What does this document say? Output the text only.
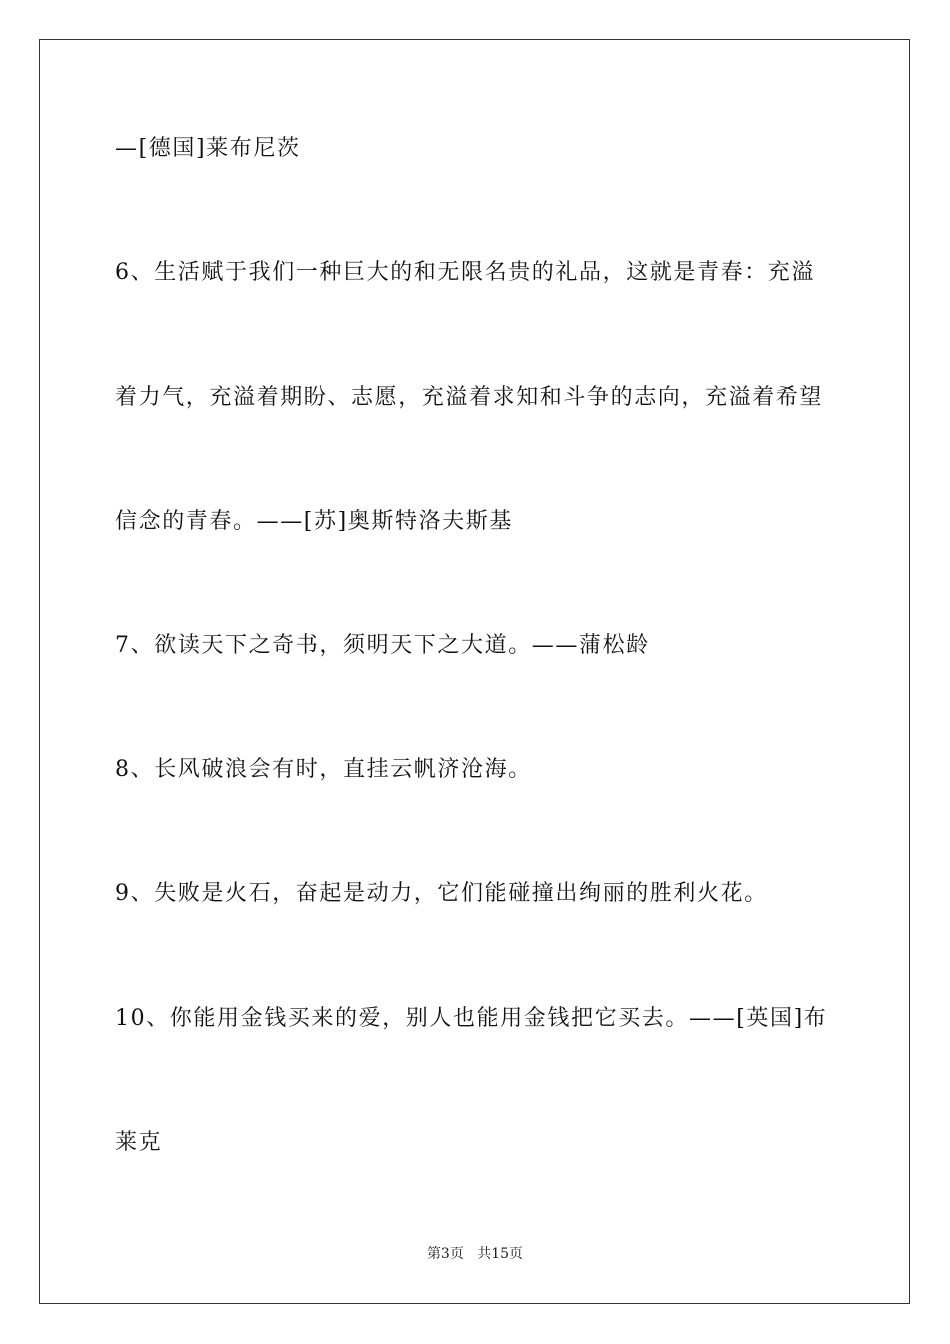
—[德国]莱布尼茨
6、生活赋于我们一种巨大的和无限名贵的礼品，这就是青春：充溢
着力气，充溢着期盼、志愿，充溢着求知和斗争的志向，充溢着希望
信念的青春。——[苏]奥斯特洛夫斯基
7、欲读天下之奇书，须明天下之大道。——蒲松龄
8、长风破浪会有时，直挂云帆济沧海。
9、失败是火石，奋起是动力，它们能碰撞出绚丽的胜利火花。
10、你能用金钱买来的爱，别人也能用金钱把它买去。——[英国]布
莱克
第3页 共15页
